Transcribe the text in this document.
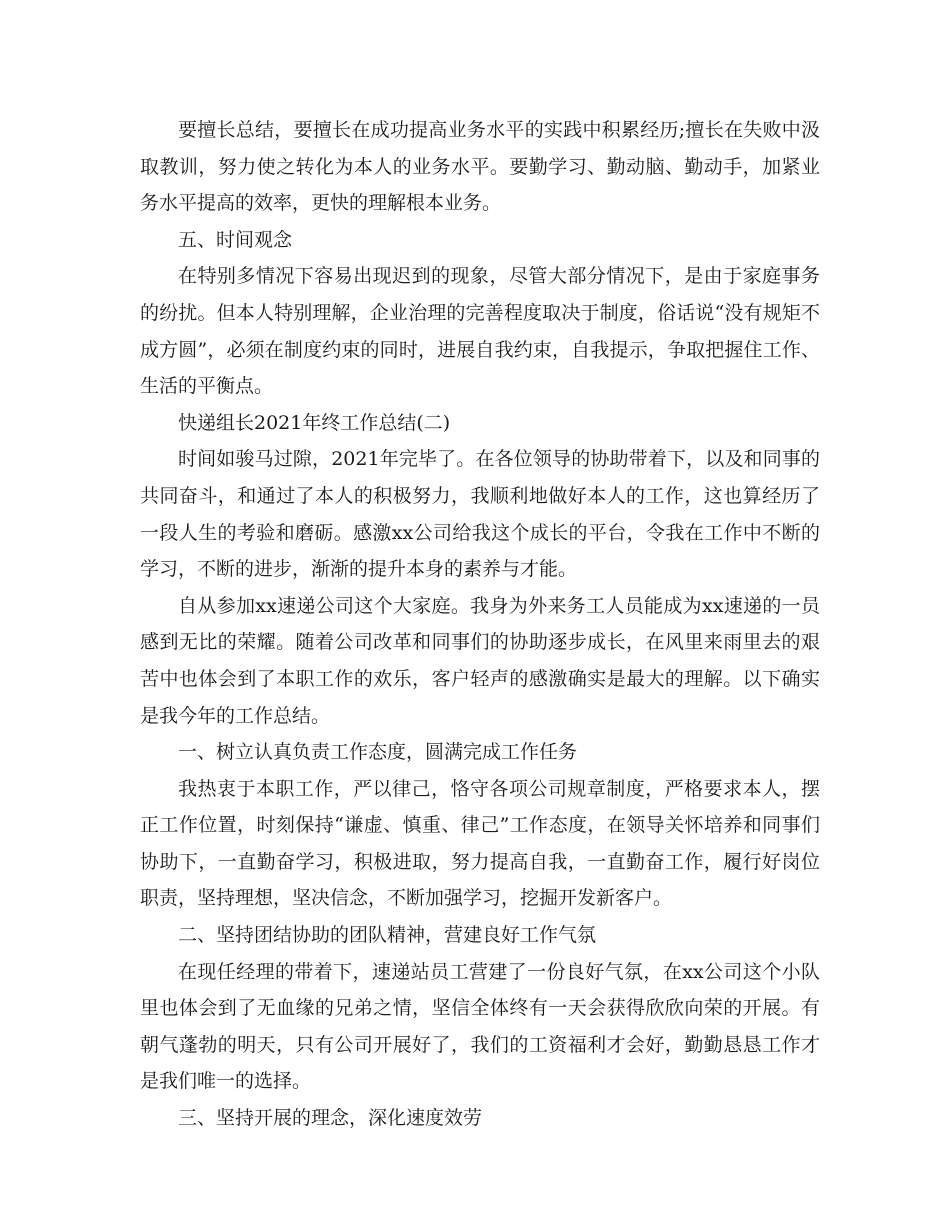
要擅长总结，要擅长在成功提高业务水平的实践中积累经历;擅长在失败中汲取教训，努力使之转化为本人的业务水平。要勤学习、勤动脑、勤动手，加紧业务水平提高的效率，更快的理解根本业务。

五、时间观念

在特别多情况下容易出现迟到的现象，尽管大部分情况下，是由于家庭事务的纷扰。但本人特别理解，企业治理的完善程度取决于制度，俗话说“没有规矩不成方圆”，必须在制度约束的同时，进展自我约束，自我提示，争取把握住工作、生活的平衡点。

快递组长2021年终工作总结(二)

时间如骏马过隙，2021年完毕了。在各位领导的协助带着下，以及和同事的共同奋斗，和通过了本人的积极努力，我顺利地做好本人的工作，这也算经历了一段人生的考验和磨砺。感激xx公司给我这个成长的平台，令我在工作中不断的学习，不断的进步，渐渐的提升本身的素养与才能。

自从参加xx速递公司这个大家庭。我身为外来务工人员能成为xx速递的一员感到无比的荣耀。随着公司改革和同事们的协助逐步成长，在风里来雨里去的艰苦中也体会到了本职工作的欢乐，客户轻声的感激确实是最大的理解。以下确实是我今年的工作总结。

一、树立认真负责工作态度，圆满完成工作任务

我热衷于本职工作，严以律己，恪守各项公司规章制度，严格要求本人，摆正工作位置，时刻保持“谦虚、慎重、律己”工作态度，在领导关怀培养和同事们协助下，一直勤奋学习，积极进取，努力提高自我，一直勤奋工作，履行好岗位职责，坚持理想，坚决信念，不断加强学习，挖掘开发新客户。

二、坚持团结协助的团队精神，营建良好工作气氛

在现任经理的带着下，速递站员工营建了一份良好气氛，在xx公司这个小队里也体会到了无血缘的兄弟之情，坚信全体终有一天会获得欣欣向荣的开展。有朝气蓬勃的明天，只有公司开展好了，我们的工资福利才会好，勤勤恳恳工作才是我们唯一的选择。

三、坚持开展的理念，深化速度效劳
